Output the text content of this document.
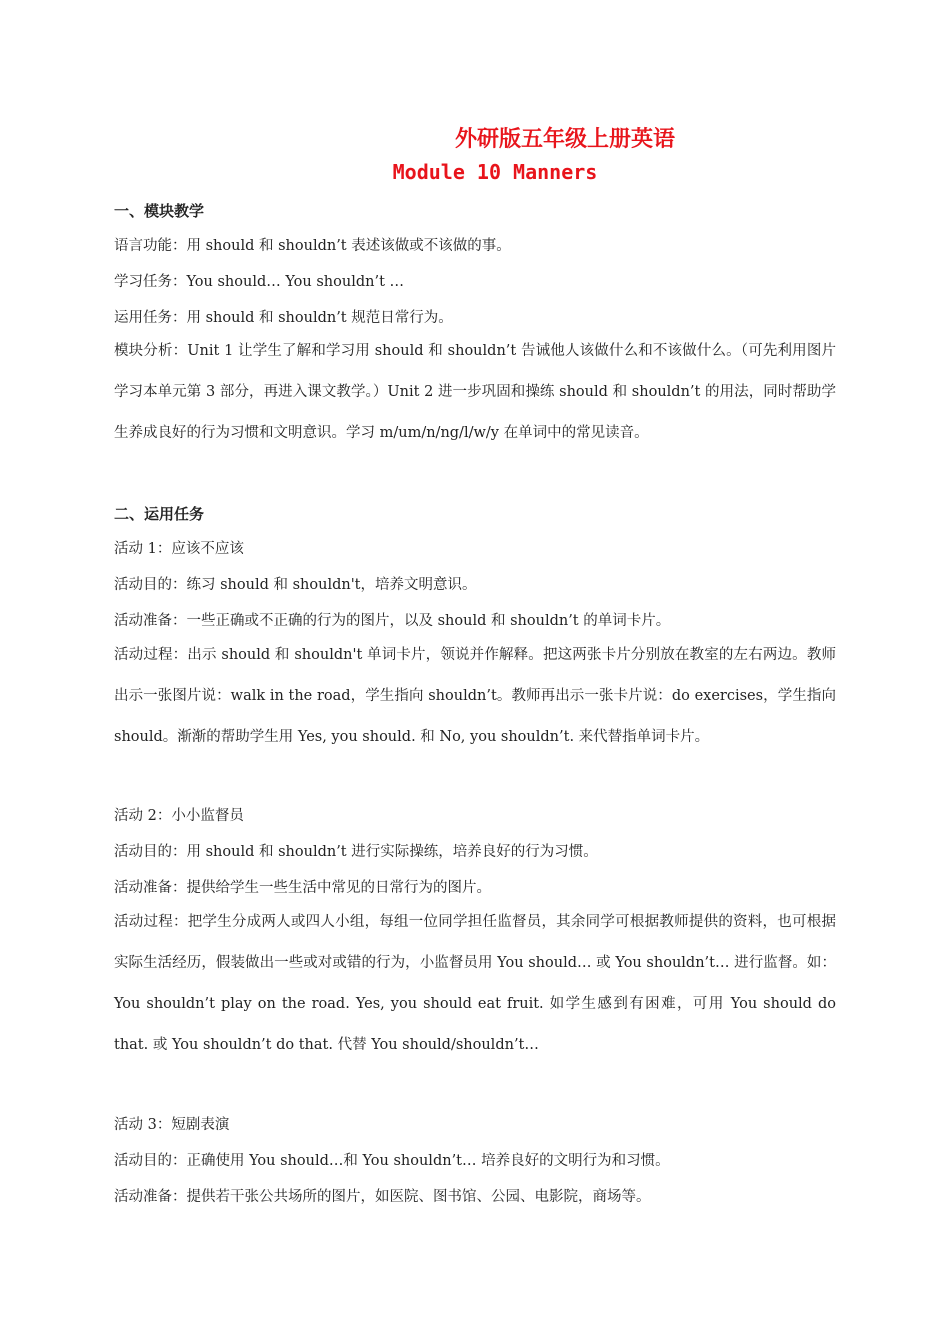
外研版五年级上册英语
Module 10 Manners
一、模块教学
语言功能：用 should 和 shouldn’t 表述该做或不该做的事。
学习任务：You should… You shouldn’t …
运用任务：用 should 和 shouldn’t 规范日常行为。
模块分析：Unit 1 让学生了解和学习用 should 和 shouldn’t 告诫他人该做什么和不该做什么。（可先利用图片学习本单元第 3 部分，再进入课文教学。）Unit 2 进一步巩固和操练 should 和 shouldn’t 的用法，同时帮助学生养成良好的行为习惯和文明意识。学习 m/um/n/ng/l/w/y 在单词中的常见读音。
二、运用任务
活动 1：应该不应该
活动目的：练习 should 和 shouldn't，培养文明意识。
活动准备：一些正确或不正确的行为的图片，以及 should 和 shouldn’t 的单词卡片。
活动过程：出示 should 和 shouldn't 单词卡片，领说并作解释。把这两张卡片分别放在教室的左右两边。教师出示一张图片说：walk in the road，学生指向 shouldn’t。教师再出示一张卡片说：do exercises，学生指向 should。渐渐的帮助学生用 Yes, you should. 和 No, you shouldn’t. 来代替指单词卡片。
活动 2：小小监督员
活动目的：用 should 和 shouldn’t 进行实际操练，培养良好的行为习惯。
活动准备：提供给学生一些生活中常见的日常行为的图片。
活动过程：把学生分成两人或四人小组，每组一位同学担任监督员，其余同学可根据教师提供的资料，也可根据实际生活经历，假装做出一些或对或错的行为，小监督员用 You should… 或 You shouldn’t… 进行监督。如：You shouldn’t play on the road. Yes, you should eat fruit. 如学生感到有困难，可用 You should do that. 或 You shouldn’t do that. 代替 You should/shouldn’t…
活动 3：短剧表演
活动目的：正确使用 You should…和 You shouldn’t… 培养良好的文明行为和习惯。
活动准备：提供若干张公共场所的图片，如医院、图书馆、公园、电影院，商场等。
